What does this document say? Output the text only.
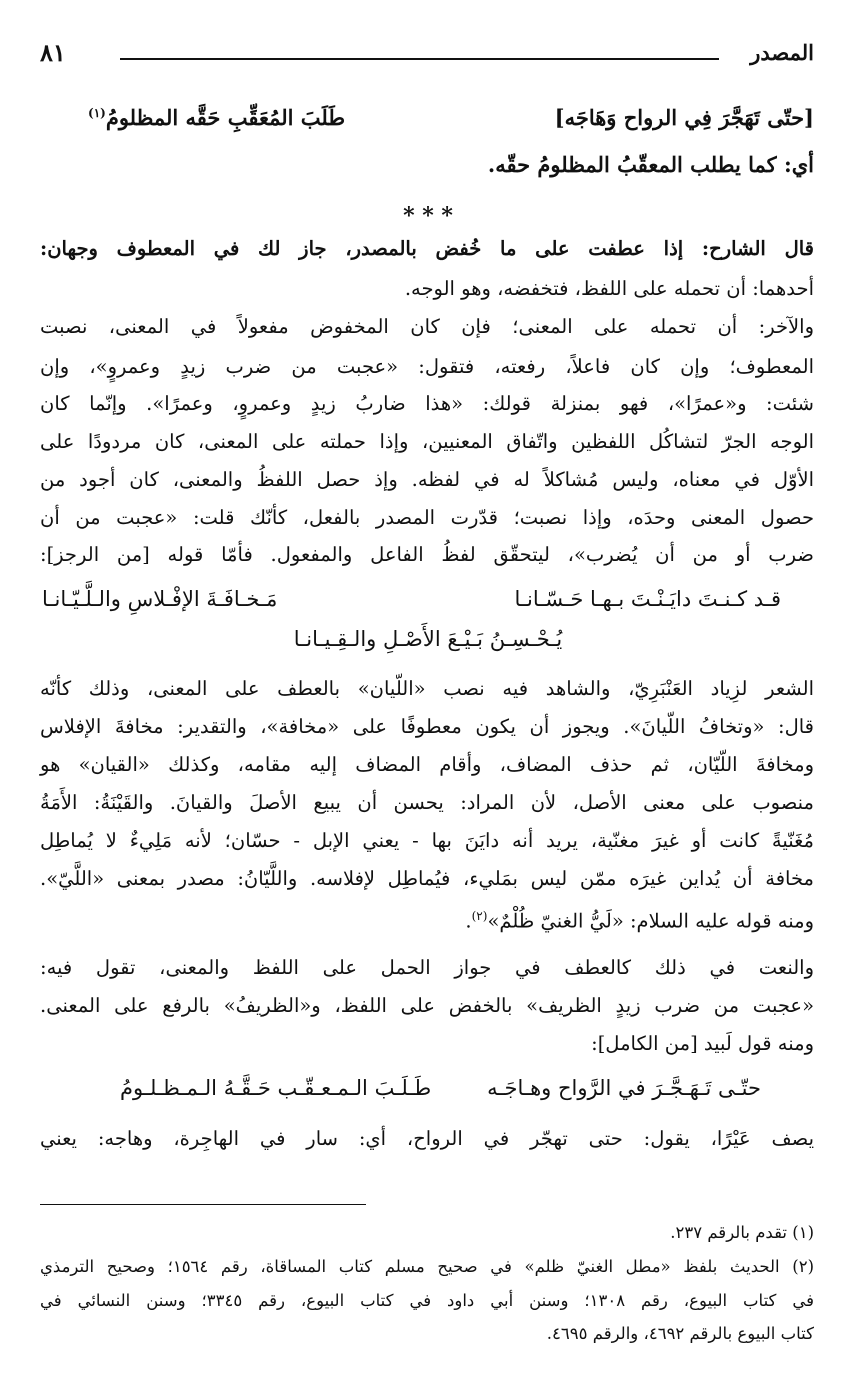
المصدر
٨١
[حتّى تَهَجَّرَ فِي الرواح وَهَاجَه]
طَلَبَ المُعَقِّبِ حَقَّه المظلومُ$^{(١)}$
أي: كما يطلب المعقّبُ المظلومُ حقّه.
* * *
قال الشارح: إذا عطفت على ما خُفض بالمصدر، جاز لك في المعطوف وجهان:
أحدهما: أن تحمله على اللفظ، فتخفضه، وهو الوجه.
والآخر: أن تحمله على المعنى؛ فإن كان المخفوض مفعولاً في المعنى، نصبت
المعطوف؛ وإن كان فاعلاً، رفعته، فتقول: «عجبت من ضرب زيدٍ وعمروٍ»، وإن
شئت: و«عمرًا»، فهو بمنزلة قولك: «هذا ضاربُ زيدٍ وعمروٍ، وعمرًا». وإنّما كان
الوجه الجرّ لتشاكُل اللفظين واتّفاق المعنيين، وإذا حملته على المعنى، كان مردودًا على
الأوّل في معناه، وليس مُشاكلاً له في لفظه. وإذ حصل اللفظُ والمعنى، كان أجود من
حصول المعنى وحدَه، وإذا نصبت؛ قدّرت المصدر بالفعل، كأنّك قلت: «عجبت من أن
ضرب أو من أن يُضرب»، ليتحقّق لفظُ الفاعل والمفعول. فأمّا قوله [من الرجز]:
قـد كـنـتَ دايَـنْـتَ بـهـا حَـسّـانـا
مَـخـافَـةَ الإفْـلاسِ والـلَّـيّـانـا
يُـحْـسِـنُ بَـيْـعَ الأَصْـلِ والـقِـيـانـا
الشعر لزِياد العَنْبَرِيّ، والشاهد فيه نصب «اللّيان» بالعطف على المعنى، وذلك كأنّه
قال: «وتخافُ اللّيانَ». ويجوز أن يكون معطوفًا على «مخافة»، والتقدير: مخافةَ الإفلاس
ومخافةَ اللّيّان، ثم حذف المضاف، وأقام المضاف إليه مقامه، وكذلك «القيان» هو
منصوب على معنى الأصل، لأن المراد: يحسن أن يبيع الأصلَ والقيانَ. والقَيْنَةُ: الأَمَةُ
مُغَنّيةً كانت أو غيرَ مغنّية، يريد أنه دايَنَ بها - يعني الإبل - حسّان؛ لأنه مَلِيءٌ لا يُماطِل
مخافة أن يُداين غيرَه ممّن ليس بمَليء، فيُماطِل لإفلاسه. واللَّيّانُ: مصدر بمعنى «اللَّيّ».
ومنه قوله عليه السلام: «لَيُّ الغنيّ ظُلْمٌ»$^{(٢)}$.
والنعت في ذلك كالعطف في جواز الحمل على اللفظ والمعنى، تقول فيه:
«عجبت من ضرب زيدٍ الظريف» بالخفض على اللفظ، و«الظريفُ» بالرفع على المعنى.
ومنه قول لَبيد [من الكامل]:
حتّـى تَـهَـجَّـرَ في الرَّواح وهـاجَـه
طَـلَـبَ الـمـعـقّـب حَـقَّـهُ الـمـظـلـومُ
يصف عَيْرًا، يقول: حتى تهجّر في الرواح، أي: سار في الهاجِرة، وهاجه: يعني
(١) تقدم بالرقم ٢٣٧.
(٢) الحديث بلفظ «مطل الغنيّ ظلم» في صحيح مسلم كتاب المساقاة، رقم ١٥٦٤؛ وصحيح الترمذي
في كتاب البيوع، رقم ١٣٠٨؛ وسنن أبي داود في كتاب البيوع، رقم ٣٣٤٥؛ وسنن النسائي في
كتاب البيوع بالرقم ٤٦٩٢، والرقم ٤٦٩٥.
